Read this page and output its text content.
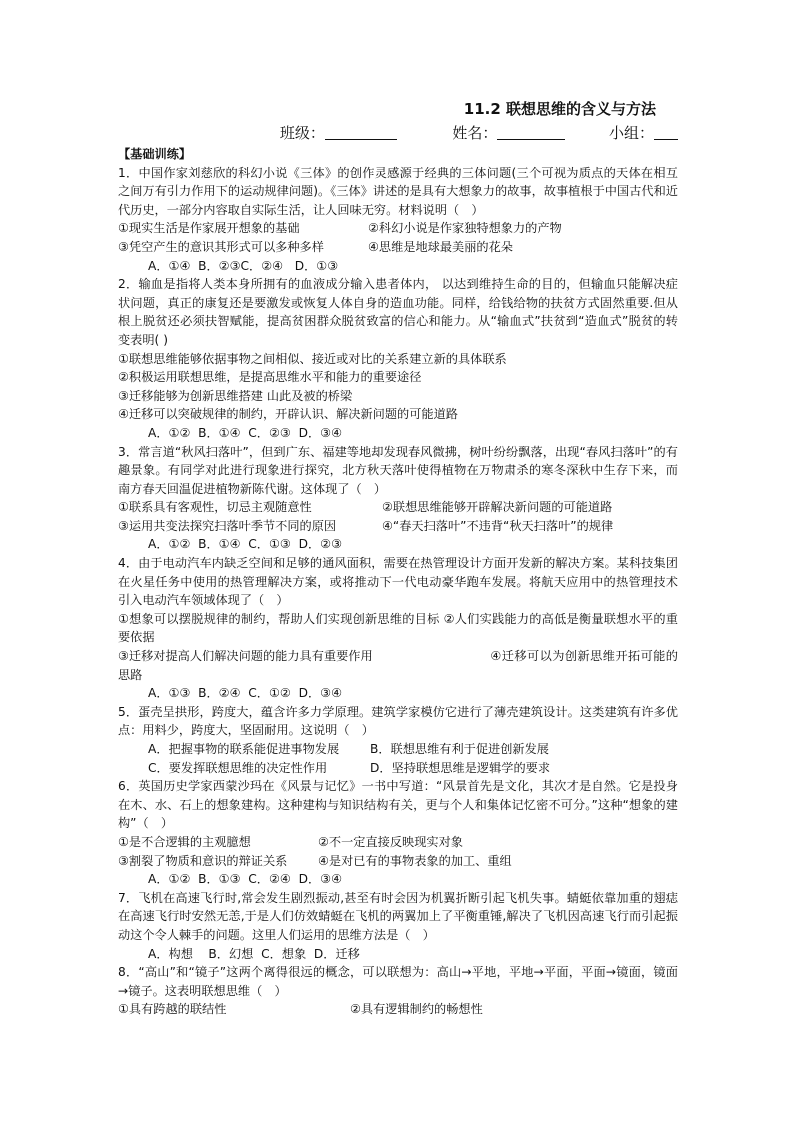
11.2 联想思维的含义与方法
班级：	姓名：	小组：
【基础训练】

1．中国作家刘慈欣的科幻小说《三体》的创作灵感源于经典的三体问题(三个可视为质点的天体在相互之间万有引力作用下的运动规律问题)。《三体》讲述的是具有大想象力的故事，故事植根于中国古代和近代历史，一部分内容取自实际生活，让人回味无穷。材料说明（　）

①现实生活是作家展开想象的基础	②科幻小说是作家独特想象力的产物
③凭空产生的意识其形式可以多种多样	④思维是地球最美丽的花朵
A．①④  B．②③C．②④   D．①③

2．输血是指将人类本身所拥有的血液成分输入患者体内， 以达到维持生命的目的，但输血只能解决症状问题，真正的康复还是要激发或恢复人体自身的造血功能。同样，给钱给物的扶贫方式固然重要.但从根上脱贫还必须扶智赋能，提高贫困群众脱贫致富的信心和能力。从“输血式”扶贫到“造血式”脱贫的转变表明( )

①联想思维能够依据事物之间相似、接近或对比的关系建立新的具体联系
②积极运用联想思维，是提高思维水平和能力的重要途径
③迁移能够为创新思维搭建 山此及被的桥梁
④迁移可以突破规律的制约，开辟认识、解决新问题的可能道路
A．①②  B．①④  C．②③  D．③④

3．常言道“秋风扫落叶”，但到广东、福建等地却发现春风微拂，树叶纷纷飘落，出现“春风扫落叶”的有趣景象。有同学对此进行现象进行探究，北方秋天落叶使得植物在万物肃杀的寒冬深秋中生存下来，而南方春天回温促进植物新陈代谢。这体现了（　）

①联系具有客观性，切忌主观随意性	②联想思维能够开辟解决新问题的可能道路
③运用共变法探究扫落叶季节不同的原因	④“春天扫落叶”不违背“秋天扫落叶”的规律
A．①②  B．①④  C．①③  D．②③

4．由于电动汽车内缺乏空间和足够的通风面积，需要在热管理设计方面开发新的解决方案。某科技集团在火星任务中使用的热管理解决方案，或将推动下一代电动豪华跑车发展。将航天应用中的热管理技术引入电动汽车领域体现了（　）

①想象可以摆脱规律的制约，帮助人们实现创新思维的目标 ②人们实践能力的高低是衡量联想水平的重要依据

③迁移对提高人们解决问题的能力具有重要作用	④迁移可以为创新思维开拓可能的思路

A．①③  B．②④  C．①②  D．③④

5．蛋壳呈拱形，跨度大，蕴含许多力学原理。建筑学家模仿它进行了薄壳建筑设计。这类建筑有许多优点：用料少，跨度大，坚固耐用。这说明（　）

A．把握事物的联系能促进事物发展	B．联想思维有利于促进创新发展
C．要发挥联想思维的决定性作用	D．坚持联想思维是逻辑学的要求

6．英国历史学家西蒙沙玛在《风景与记忆》一书中写道：“风景首先是文化，其次才是自然。它是投身在木、水、石上的想象建构。这种建构与知识结构有关，更与个人和集体记忆密不可分。”这种“想象的建构”（　）

①是不合逻辑的主观臆想	②不一定直接反映现实对象
③割裂了物质和意识的辩证关系	④是对已有的事物表象的加工、重组
A．①②  B．①③  C．②④  D．③④

7．飞机在高速飞行时,常会发生剧烈振动,甚至有时会因为机翼折断引起飞机失事。蜻蜓依靠加重的翅痣在高速飞行时安然无恙,于是人们仿效蜻蜓在飞机的两翼加上了平衡重锤,解决了飞机因高速飞行而引起振动这个令人棘手的问题。这里人们运用的思维方法是（　）

A．构想    B．幻想  C．想象  D．迁移

8．“高山”和“镜子”这两个离得很远的概念，可以联想为：高山→平地，平地→平面，平面→镜面，镜面→镜子。这表明联想思维（　）

①具有跨越的联结性	②具有逻辑制约的畅想性
